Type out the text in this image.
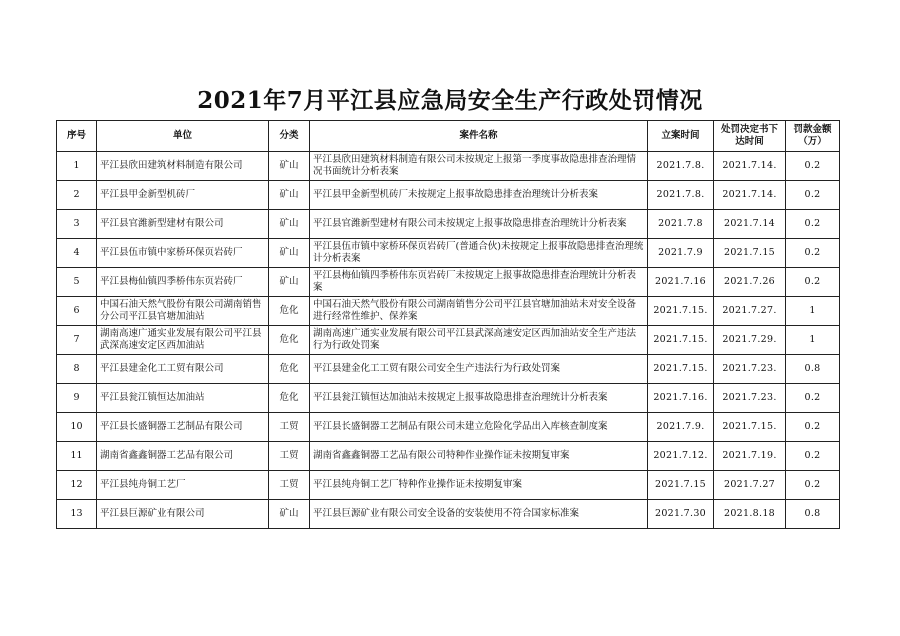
2021年7月平江县应急局安全生产行政处罚情况
序号	单位	分类	案件名称	立案时间	处罚决定书下达时间	罚款金额（万）
1	平江县欣田建筑材料制造有限公司	矿山	平江县欣田建筑材料制造有限公司未按规定上报第一季度事故隐患排查治理情况书面统计分析表案	2021.7.8.	2021.7.14.	0.2
2	平江县甲金新型机砖厂	矿山	平江县甲金新型机砖厂未按规定上报事故隐患排查治理统计分析表案	2021.7.8.	2021.7.14.	0.2
3	平江县官潍新型建材有限公司	矿山	平江县官潍新型建材有限公司未按规定上报事故隐患排查治理统计分析表案	2021.7.8	2021.7.14	0.2
4	平江县伍市镇中家桥环保页岩砖厂	矿山	平江县伍市镇中家桥环保页岩砖厂(普通合伙)未按规定上报事故隐患排查治理统计分析表案	2021.7.9	2021.7.15	0.2
5	平江县梅仙镇四季桥伟东页岩砖厂	矿山	平江县梅仙镇四季桥伟东页岩砖厂未按规定上报事故隐患排查治理统计分析表案	2021.7.16	2021.7.26	0.2
6	中国石油天然气股份有限公司湖南销售分公司平江县官塘加油站	危化	中国石油天然气股份有限公司湖南销售分公司平江县官塘加油站未对安全设备进行经常性维护、保养案	2021.7.15.	2021.7.27.	1
7	湖南高速广通实业发展有限公司平江县武深高速安定区西加油站	危化	湖南高速广通实业发展有限公司平江县武深高速安定区西加油站安全生产违法行为行政处罚案	2021.7.15.	2021.7.29.	1
8	平江县建金化工工贸有限公司	危化	平江县建金化工工贸有限公司安全生产违法行为行政处罚案	2021.7.15.	2021.7.23.	0.8
9	平江县瓮江镇恒达加油站	危化	平江县瓮江镇恒达加油站未按规定上报事故隐患排查治理统计分析表案	2021.7.16.	2021.7.23.	0.2
10	平江县长盛铜器工艺制品有限公司	工贸	平江县长盛铜器工艺制品有限公司未建立危险化学品出入库核查制度案	2021.7.9.	2021.7.15.	0.2
11	湖南省鑫鑫铜器工艺品有限公司	工贸	湖南省鑫鑫铜器工艺品有限公司特种作业操作证未按期复审案	2021.7.12.	2021.7.19.	0.2
12	平江县纯舟铜工艺厂	工贸	平江县纯舟铜工艺厂特种作业操作证未按期复审案	2021.7.15	2021.7.27	0.2
13	平江县巨源矿业有限公司	矿山	平江县巨源矿业有限公司安全设备的安装使用不符合国家标准案	2021.7.30	2021.8.18	0.8
